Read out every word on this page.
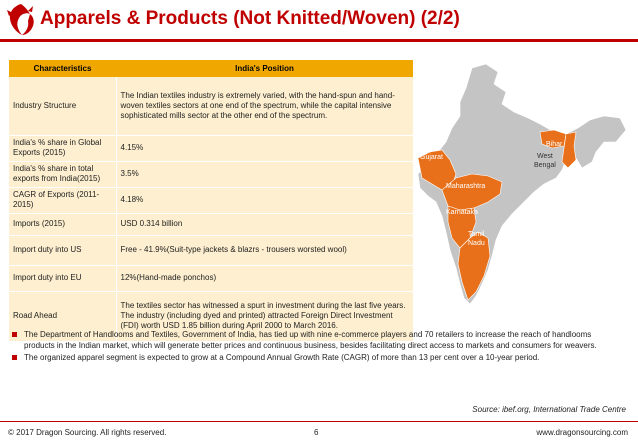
Apparels & Products (Not Knitted/Woven) (2/2)
Characteristics	India's Position
Industry Structure	The Indian textiles industry is extremely varied, with the hand-spun and hand-woven textiles sectors at one end of the spectrum, while the capital intensive sophisticated mills sector at the other end of the spectrum.
India's % share in Global Exports (2015)	4.15%
India's % share in total exports from India(2015)	3.5%
CAGR of Exports (2011-2015)	4.18%
Imports (2015)	USD 0.314 billion
Import duty into US	Free - 41.9%(Suit-type jackets & blazrs - trousers worsted wool)
Import duty into EU	12%(Hand-made ponchos)
Road Ahead	The textiles sector has witnessed a spurt in investment during the last five years. The industry (including dyed and printed) attracted Foreign Direct Investment (FDI) worth USD 1.85 billion during April 2000 to March 2016.
Gujarat
Maharashtra
Karnataka
Tamil
Nadu
Bihar
West
Bengal
The Department of Handlooms and Textiles, Government of India, has tied up with nine e-commerce players and 70 retailers to increase the reach of handlooms products in the Indian market, which will generate better prices and continuous business, besides facilitating direct access to markets and consumers for weavers.
The organized apparel segment is expected to grow at a Compound Annual Growth Rate (CAGR) of more than 13 per cent over a 10-year period.
Source: ibef.org, International Trade Centre
© 2017 Dragon Sourcing. All rights reserved.	6	www.dragonsourcing.com
